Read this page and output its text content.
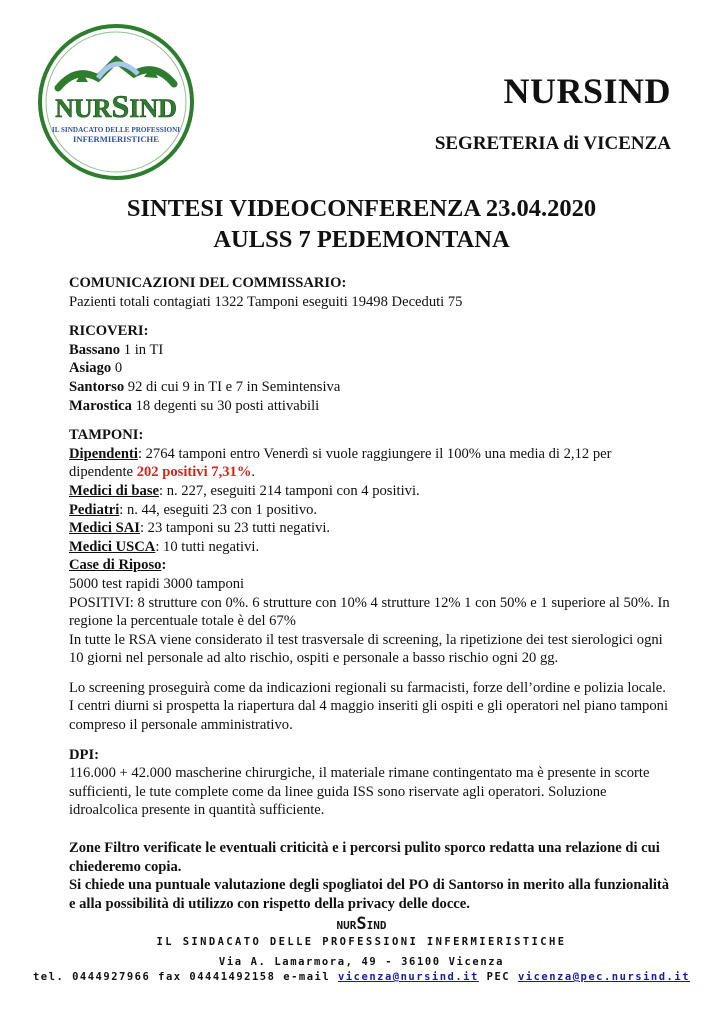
NURSIND
IL SINDACATO DELLE PROFESSIONI
INFERMIERISTICHE
NURSIND
SEGRETERIA di VICENZA
SINTESI VIDEOCONFERENZA 23.04.2020
AULSS 7 PEDEMONTANA

COMUNICAZIONI DEL COMMISSARIO:

Pazienti totali contagiati 1322 Tamponi eseguiti 19498 Deceduti 75

RICOVERI:

Bassano 1 in TI

Asiago 0

Santorso 92 di cui 9 in TI e 7 in Semintensiva

Marostica 18 degenti su 30 posti attivabili

TAMPONI:

Dipendenti: 2764 tamponi entro Venerdì si vuole raggiungere il 100% una media di 2,12 per dipendente 202 positivi 7,31%.

Medici di base: n. 227, eseguiti 214 tamponi con 4 positivi.

Pediatri: n. 44, eseguiti 23 con 1 positivo.

Medici SAI: 23 tamponi su 23 tutti negativi.

Medici USCA: 10 tutti negativi.

Case di Riposo:

5000 test rapidi 3000 tamponi

POSITIVI: 8 strutture con 0%. 6 strutture con 10% 4 strutture 12% 1 con 50% e 1 superiore al 50%. In regione la percentuale totale è del 67%

In tutte le RSA viene considerato il test trasversale di screening, la ripetizione dei test sierologici ogni 10 giorni nel personale ad alto rischio, ospiti e personale a basso rischio ogni 20 gg.

Lo screening proseguirà come da indicazioni regionali su farmacisti, forze dell’ordine e polizia locale.

I centri diurni si prospetta la riapertura dal 4 maggio inseriti gli ospiti e gli operatori nel piano tamponi compreso il personale amministrativo.

DPI:

116.000 + 42.000 mascherine chirurgiche, il materiale rimane contingentato ma è presente in scorte sufficienti, le tute complete come da linee guida ISS sono riservate agli operatori. Soluzione idroalcolica presente in quantità sufficiente.

Zone Filtro verificate le eventuali criticità e i percorsi pulito sporco redatta una relazione di cui chiederemo copia.

Si chiede una puntuale valutazione degli spogliatoi del PO di Santorso in merito alla funzionalità e alla possibilità di utilizzo con rispetto della privacy delle docce.

NURSIND
IL SINDACATO DELLE PROFESSIONI INFERMIERISTICHE
Via A. Lamarmora, 49 - 36100 Vicenza
tel. 0444927966 fax 04441492158 e-mail vicenza@nursind.it PEC vicenza@pec.nursind.it
